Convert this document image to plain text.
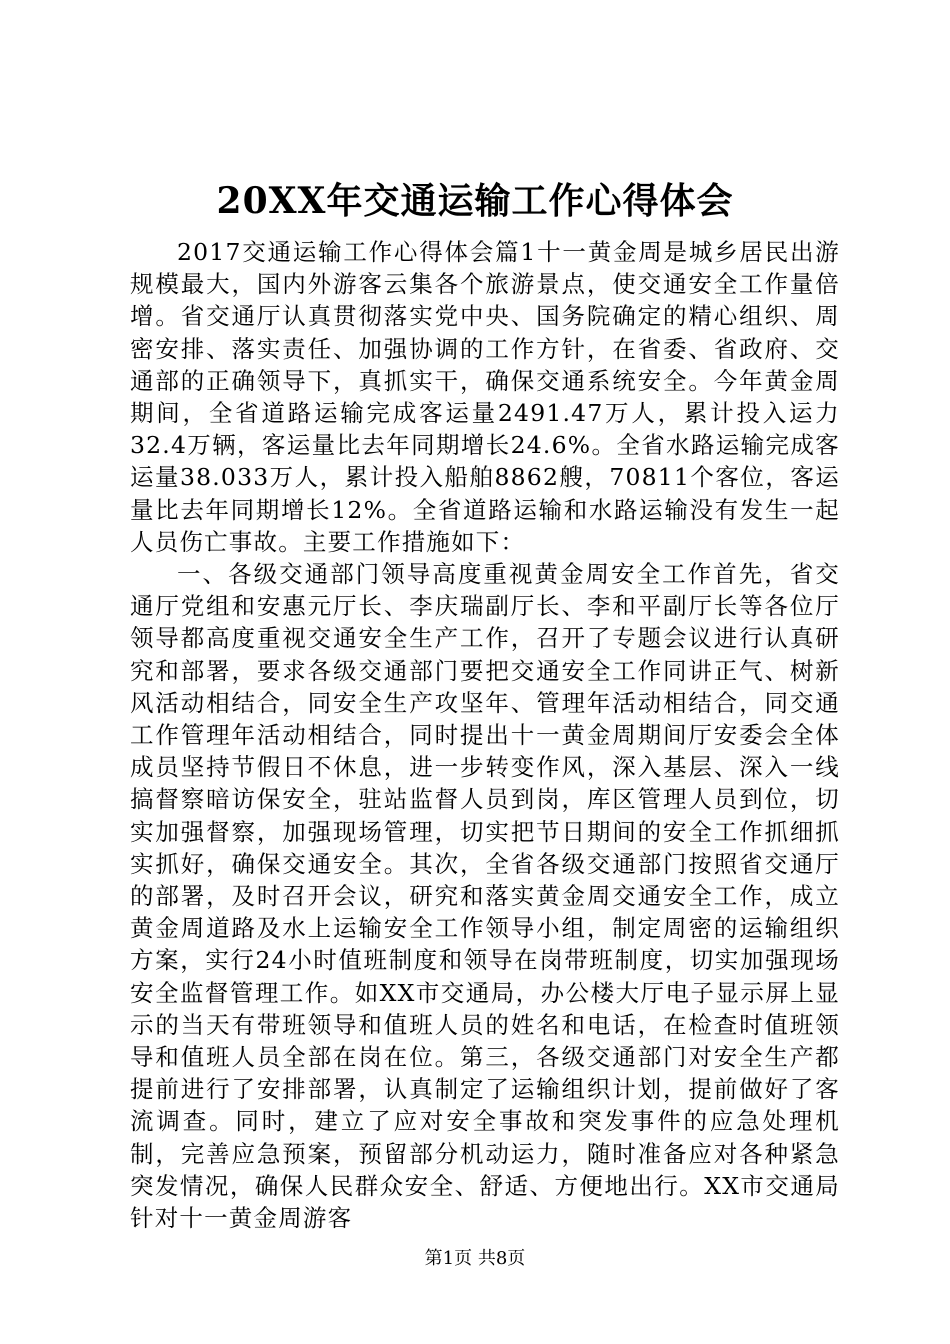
20XX年交通运输工作心得体会

2017交通运输工作心得体会篇1十一黄金周是城乡居民出游规模最大，国内外游客云集各个旅游景点，使交通安全工作量倍增。省交通厅认真贯彻落实党中央、国务院确定的精心组织、周密安排、落实责任、加强协调的工作方针，在省委、省政府、交通部的正确领导下，真抓实干，确保交通系统安全。今年黄金周期间，全省道路运输完成客运量2491.47万人，累计投入运力32.4万辆，客运量比去年同期增长24.6%。全省水路运输完成客运量38.033万人，累计投入船舶8862艘，70811个客位，客运量比去年同期增长12%。全省道路运输和水路运输没有发生一起人员伤亡事故。主要工作措施如下：

一、各级交通部门领导高度重视黄金周安全工作首先，省交通厅党组和安惠元厅长、李庆瑞副厅长、李和平副厅长等各位厅领导都高度重视交通安全生产工作，召开了专题会议进行认真研究和部署，要求各级交通部门要把交通安全工作同讲正气、树新风活动相结合，同安全生产攻坚年、管理年活动相结合，同交通工作管理年活动相结合，同时提出十一黄金周期间厅安委会全体成员坚持节假日不休息，进一步转变作风，深入基层、深入一线搞督察暗访保安全，驻站监督人员到岗，库区管理人员到位，切实加强督察，加强现场管理，切实把节日期间的安全工作抓细抓实抓好，确保交通安全。其次，全省各级交通部门按照省交通厅的部署，及时召开会议，研究和落实黄金周交通安全工作，成立黄金周道路及水上运输安全工作领导小组，制定周密的运输组织方案，实行24小时值班制度和领导在岗带班制度，切实加强现场安全监督管理工作。如XX市交通局，办公楼大厅电子显示屏上显示的当天有带班领导和值班人员的姓名和电话，在检查时值班领导和值班人员全部在岗在位。第三，各级交通部门对安全生产都提前进行了安排部署，认真制定了运输组织计划，提前做好了客流调查。同时，建立了应对安全事故和突发事件的应急处理机制，完善应急预案，预留部分机动运力，随时准备应对各种紧急突发情况，确保人民群众安全、舒适、方便地出行。XX市交通局针对十一黄金周游客

第1页 共8页
